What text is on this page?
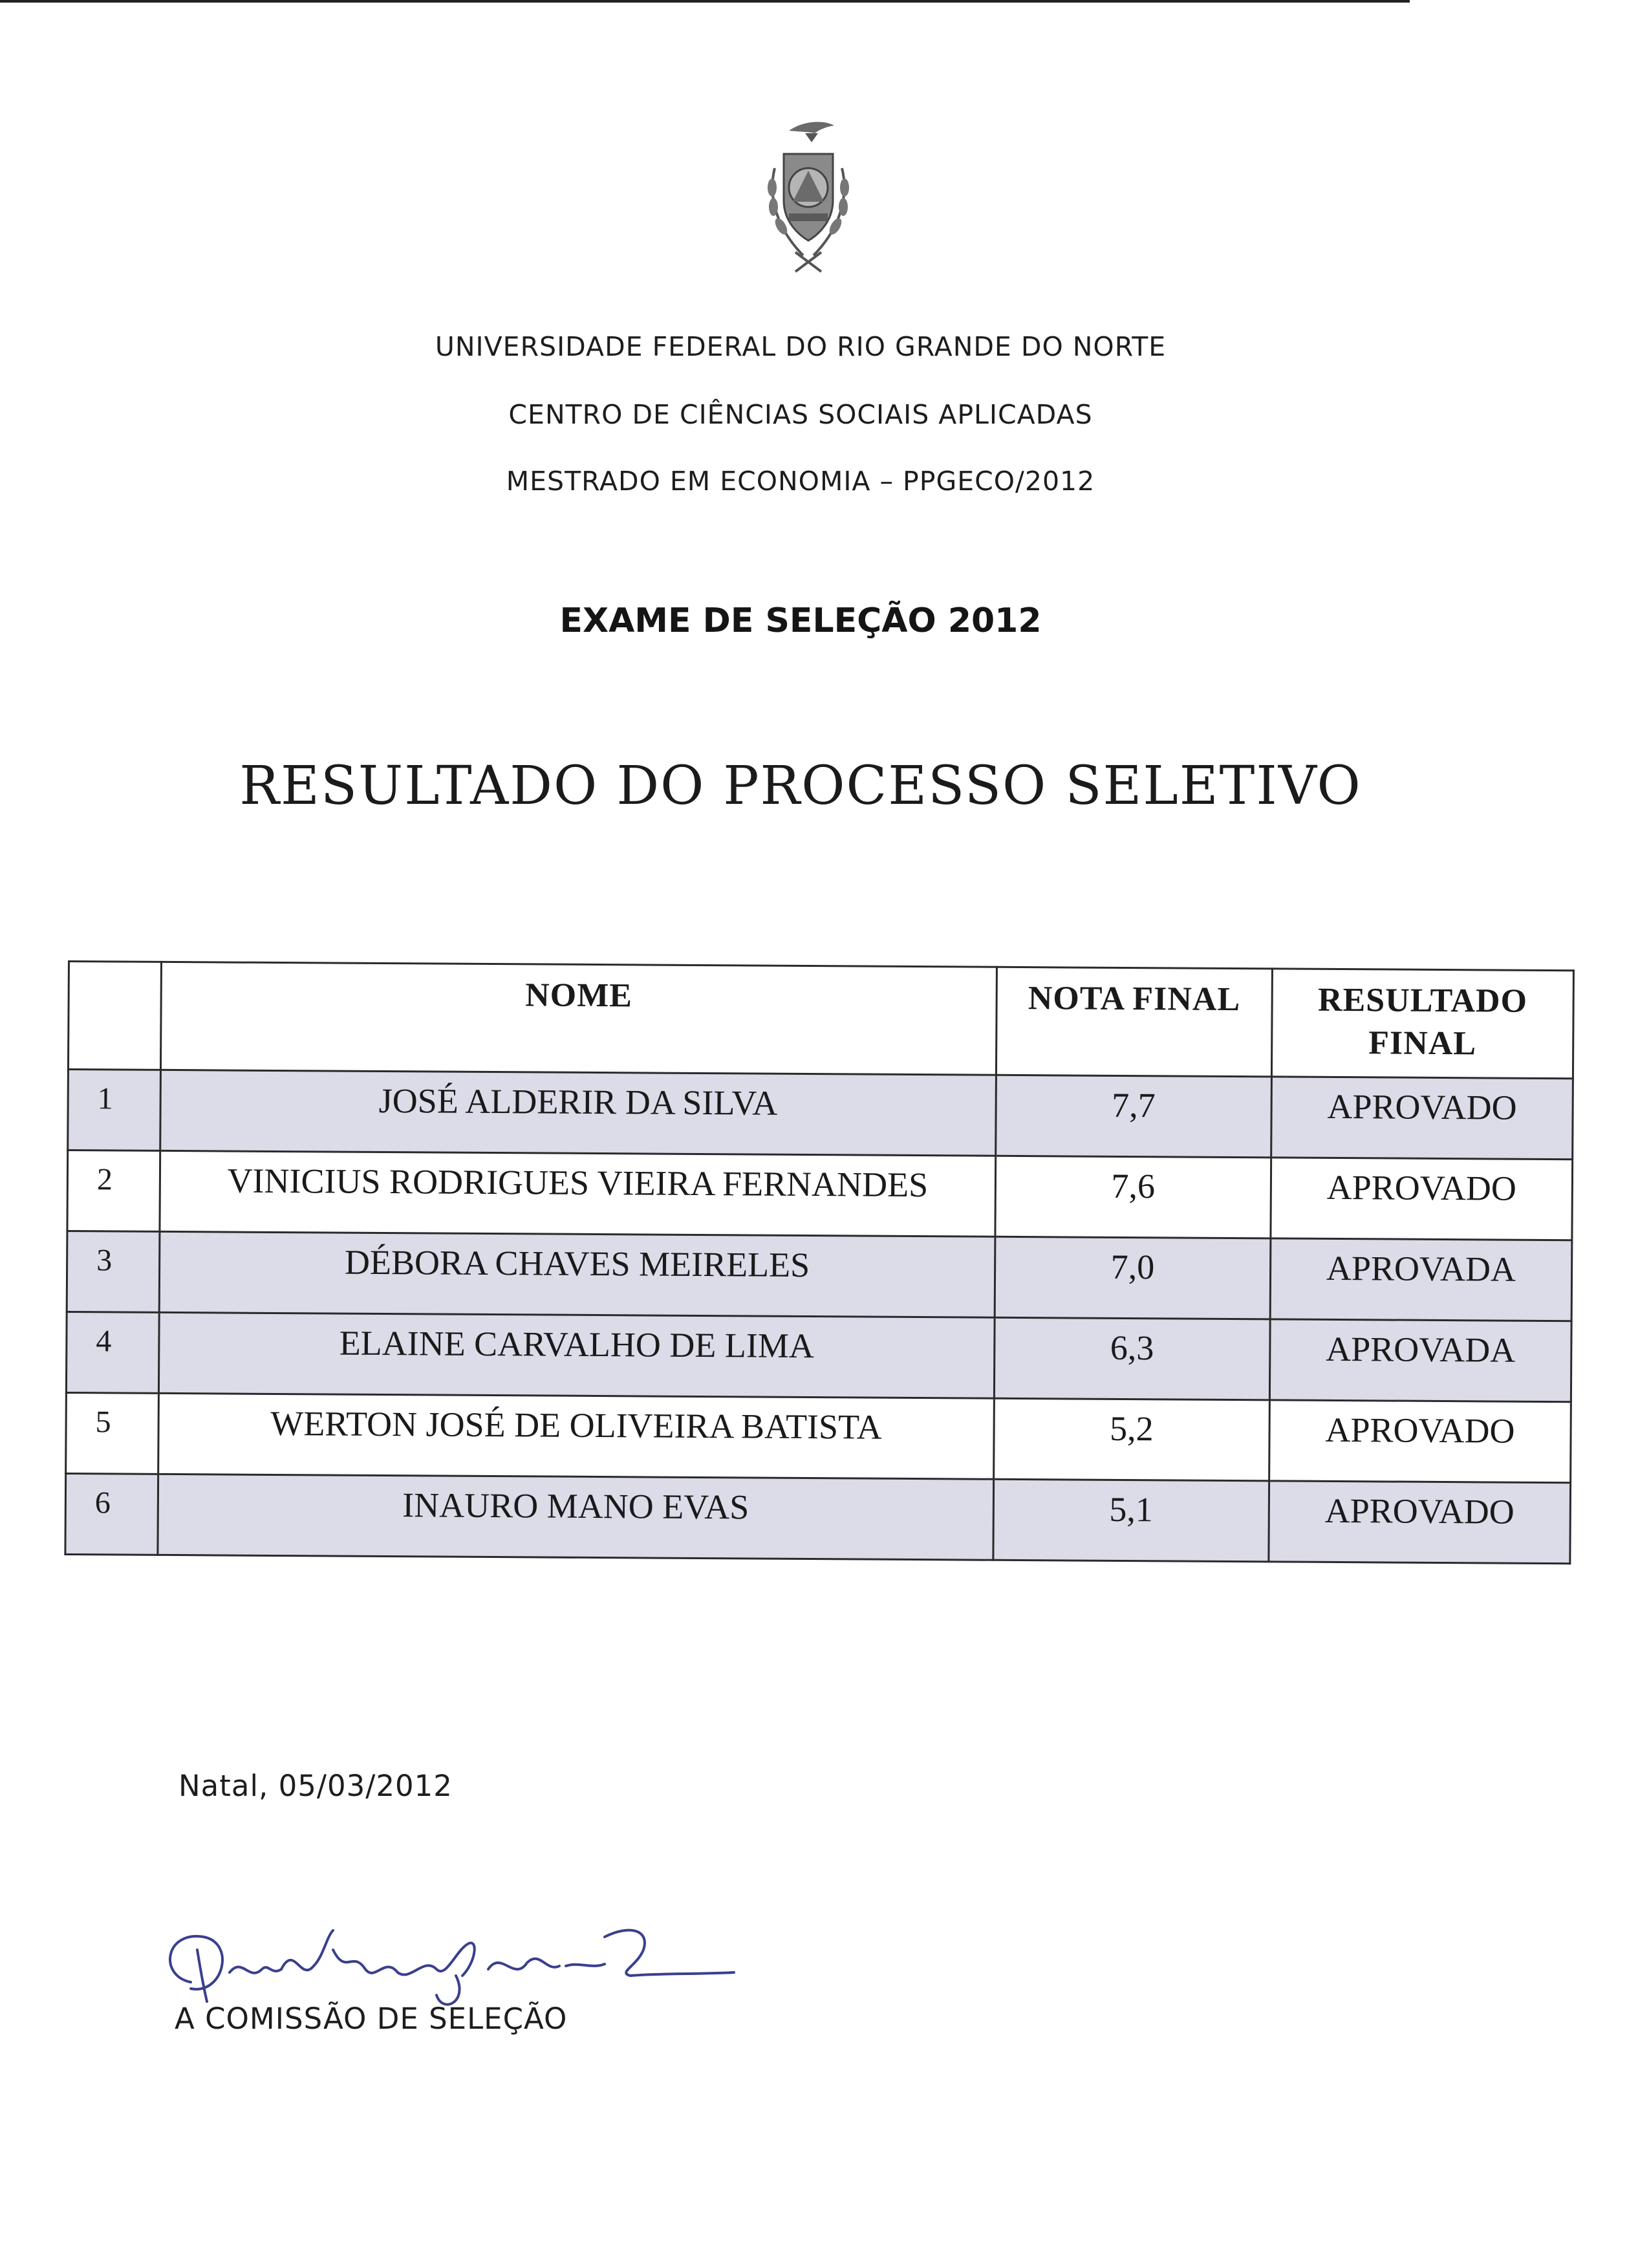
UNIVERSIDADE FEDERAL DO RIO GRANDE DO NORTE
CENTRO DE CIÊNCIAS SOCIAIS APLICADAS
MESTRADO EM ECONOMIA – PPGECO/2012
EXAME DE SELEÇÃO 2012
RESULTADO DO PROCESSO SELETIVO
	NOME	NOTA FINAL	RESULTADO FINAL
1	JOSÉ ALDERIR DA SILVA	7,7	APROVADO
2	VINICIUS RODRIGUES VIEIRA FERNANDES	7,6	APROVADO
3	DÉBORA CHAVES MEIRELES	7,0	APROVADA
4	ELAINE CARVALHO DE LIMA	6,3	APROVADA
5	WERTON JOSÉ DE OLIVEIRA BATISTA	5,2	APROVADO
6	INAURO MANO EVAS	5,1	APROVADO
Natal, 05/03/2012
A COMISSÃO DE SELEÇÃO
